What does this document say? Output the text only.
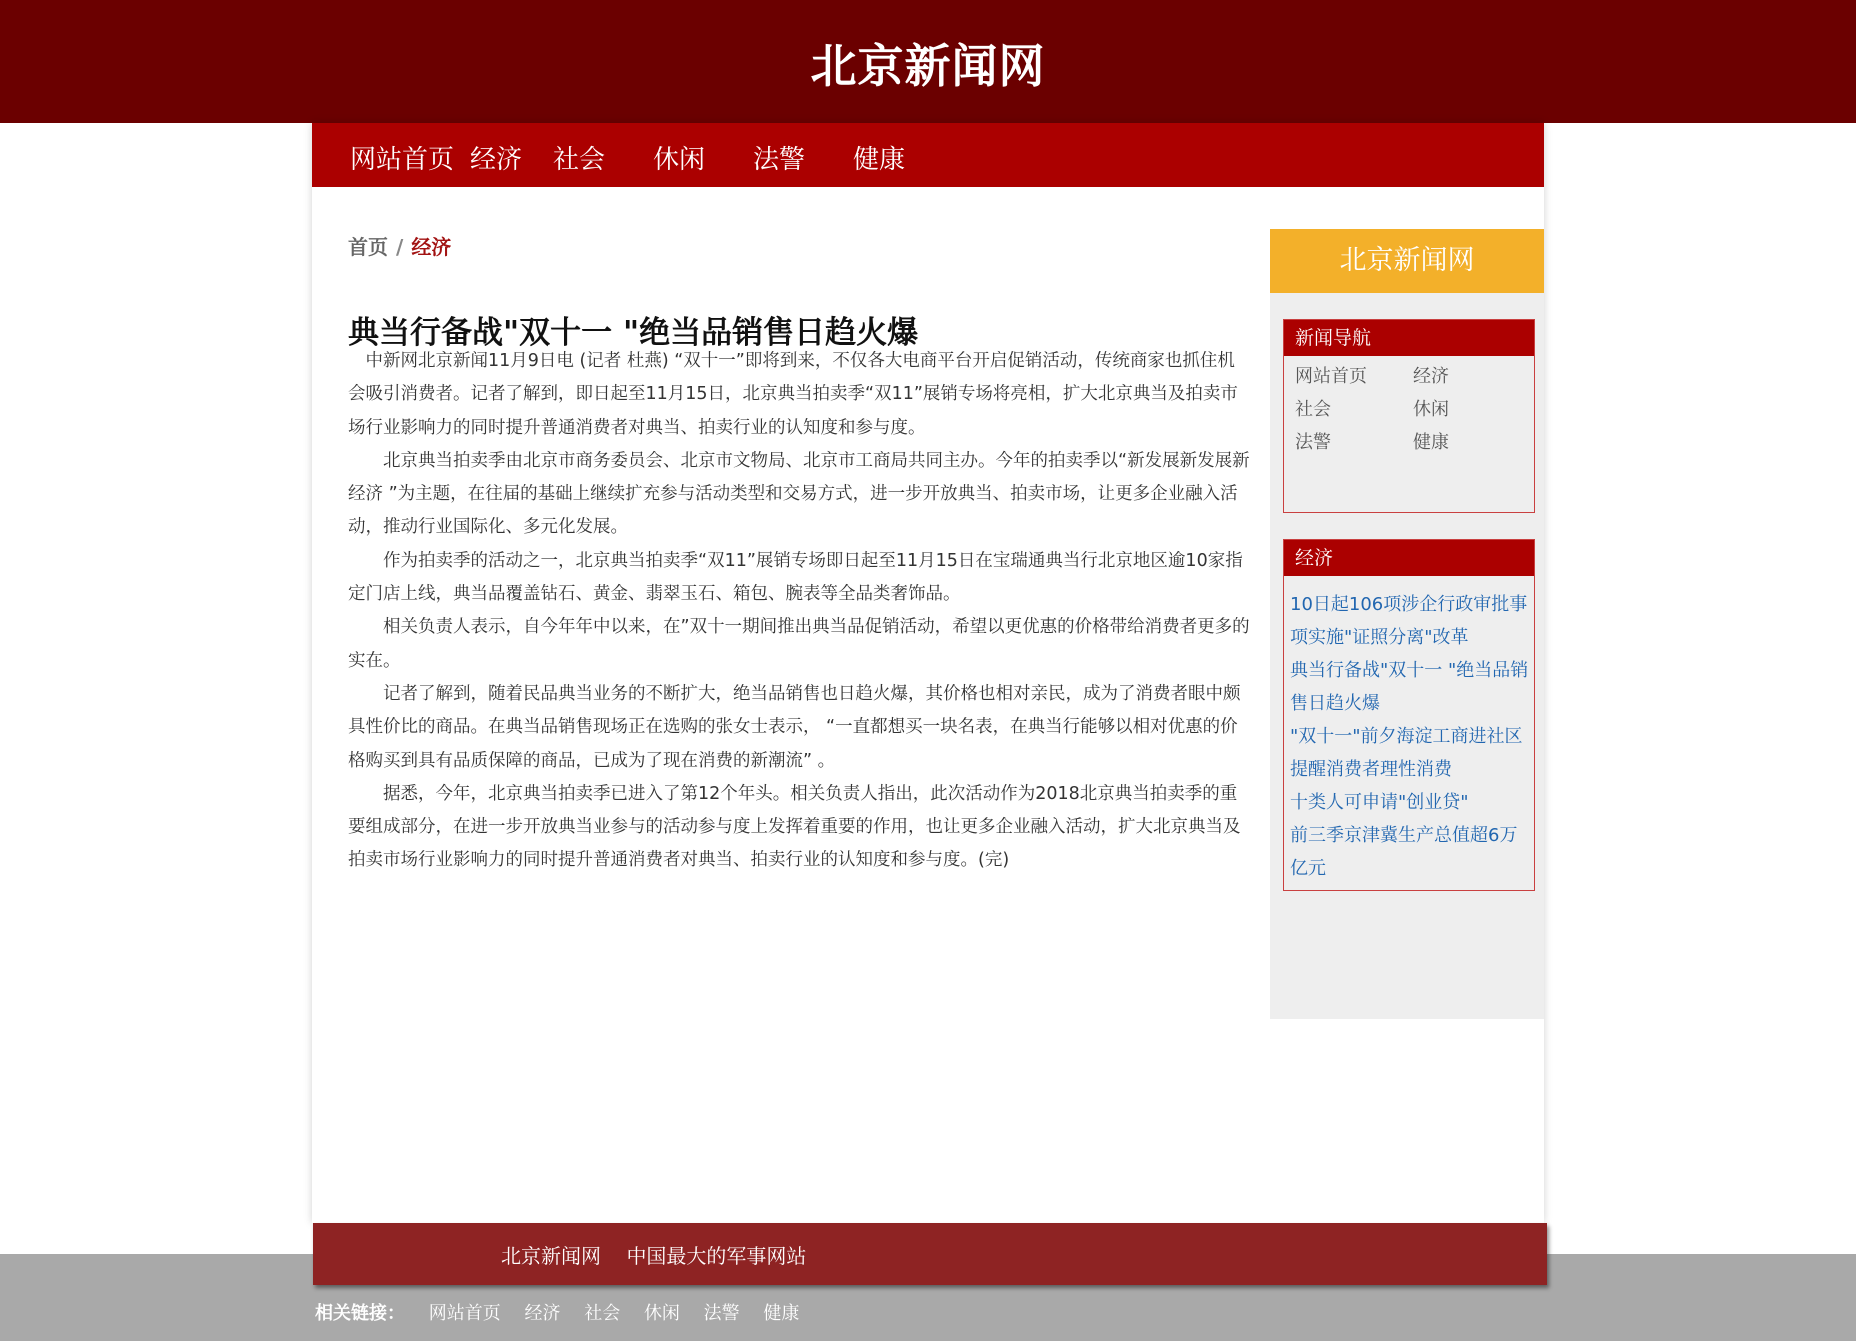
北京新闻网
网站首页 经济 社会 休闲 法警 健康
首页 / 经济
典当行备战"双十一 "绝当品销售日趋火爆

中新网北京新闻11月9日电 (记者 杜燕) “双十一”即将到来，不仅各大电商平台开启促销活动，传统商家也抓住机会吸引消费者。记者了解到，即日起至11月15日，北京典当拍卖季“双11”展销专场将亮相，扩大北京典当及拍卖市场行业影响力的同时提升普通消费者对典当、拍卖行业的认知度和参与度。

北京典当拍卖季由北京市商务委员会、北京市文物局、北京市工商局共同主办。今年的拍卖季以“新发展新发展新经济 ”为主题，在往届的基础上继续扩充参与活动类型和交易方式，进一步开放典当、拍卖市场，让更多企业融入活动，推动行业国际化、多元化发展。

作为拍卖季的活动之一，北京典当拍卖季“双11”展销专场即日起至11月15日在宝瑞通典当行北京地区逾10家指定门店上线，典当品覆盖钻石、黄金、翡翠玉石、箱包、腕表等全品类奢饰品。

相关负责人表示，自今年年中以来，在”双十一期间推出典当品促销活动，希望以更优惠的价格带给消费者更多的实在。

记者了解到，随着民品典当业务的不断扩大，绝当品销售也日趋火爆，其价格也相对亲民，成为了消费者眼中颇具性价比的商品。在典当品销售现场正在选购的张女士表示， “一直都想买一块名表，在典当行能够以相对优惠的价格购买到具有品质保障的商品，已成为了现在消费的新潮流” 。

据悉，今年，北京典当拍卖季已进入了第12个年头。相关负责人指出，此次活动作为2018北京典当拍卖季的重要组成部分，在进一步开放典当业参与的活动参与度上发挥着重要的作用，也让更多企业融入活动，扩大北京典当及拍卖市场行业影响力的同时提升普通消费者对典当、拍卖行业的认知度和参与度。(完)

北京新闻网
新闻导航
网站首页	经济
社会	休闲
法警	健康
经济
10日起106项涉企行政审批事项实施"证照分离"改革
典当行备战"双十一 "绝当品销售日趋火爆
"双十一"前夕海淀工商进社区提醒消费者理性消费
十类人可申请"创业贷"
前三季京津冀生产总值超6万亿元
北京新闻网 中国最大的军事网站
相关链接： 网站首页 经济 社会 休闲 法警 健康
